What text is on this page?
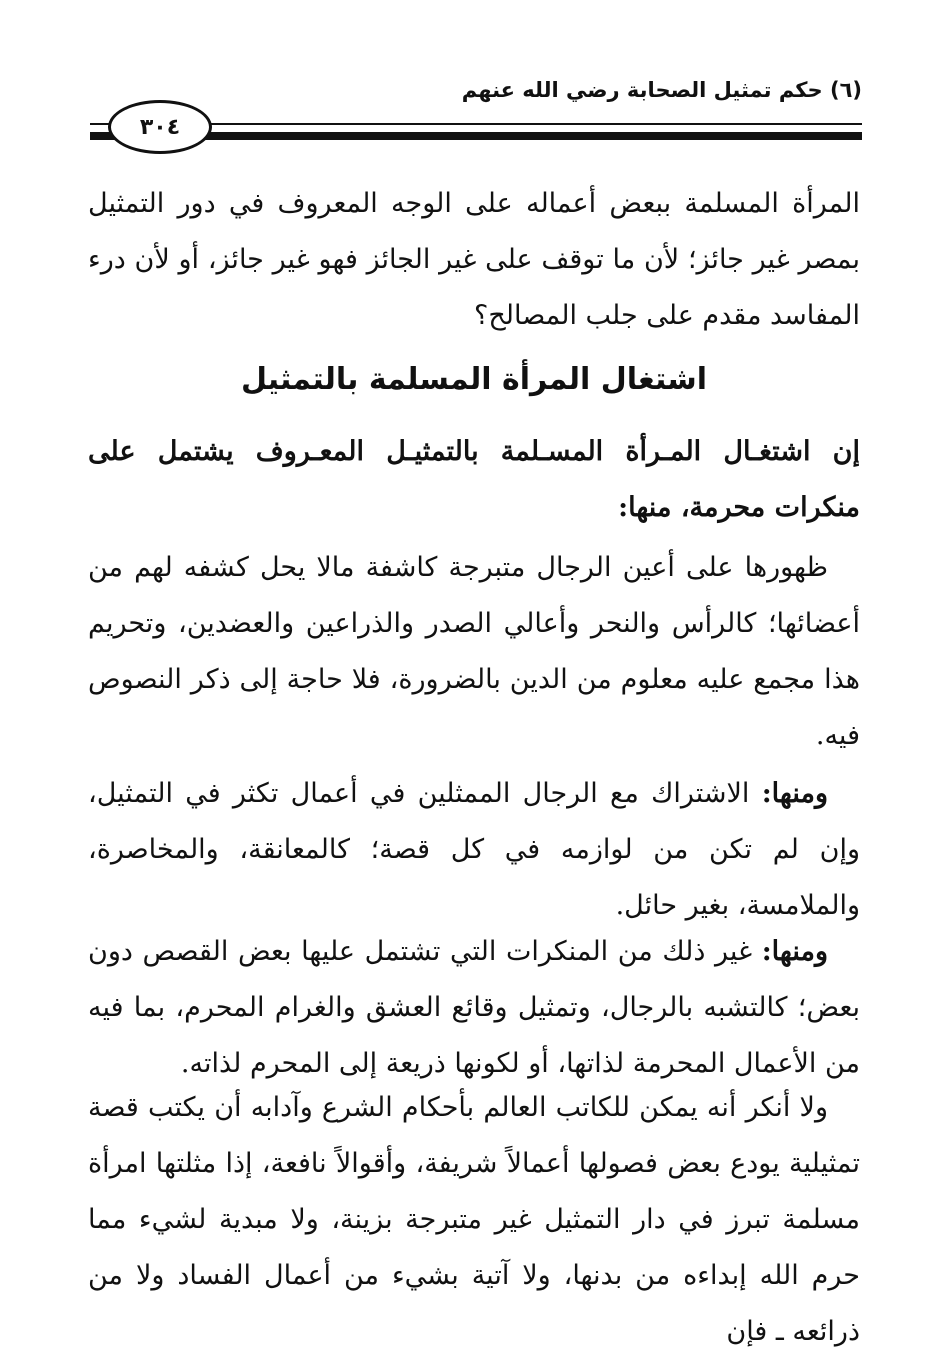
(٦) حكم تمثيل الصحابة رضي الله عنهم
٣٠٤
المرأة المسلمة ببعض أعماله على الوجه المعروف في دور التمثيل بمصر غير جائز؛ لأن ما توقف على غير الجائز فهو غير جائز، أو لأن درء المفاسد مقدم على جلب المصالح؟
اشتغال المرأة المسلمة بالتمثيل
إن اشتغـال المـرأة المسـلمة بالتمثيـل المعـروف يشتمل على منكرات محرمة، منها:
ظهورها على أعين الرجال متبرجة كاشفة مالا يحل كشفه لهم من أعضائها؛ كالرأس والنحر وأعالي الصدر والذراعين والعضدين، وتحريم هذا مجمع عليه معلوم من الدين بالضرورة، فلا حاجة إلى ذكر النصوص فيه.
ومنها: الاشتراك مع الرجال الممثلين في أعمال تكثر في التمثيل، وإن لم تكن من لوازمه في كل قصة؛ كالمعانقة، والمخاصرة، والملامسة، بغير حائل.
ومنها: غير ذلك من المنكرات التي تشتمل عليها بعض القصص دون بعض؛ كالتشبه بالرجال، وتمثيل وقائع العشق والغرام المحرم، بما فيه من الأعمال المحرمة لذاتها، أو لكونها ذريعة إلى المحرم لذاته.
ولا أنكر أنه يمكن للكاتب العالم بأحكام الشرع وآدابه أن يكتب قصة تمثيلية يودع بعض فصولها أعمالاً شريفة، وأقوالاً نافعة، إذا مثلتها امرأة مسلمة تبرز في دار التمثيل غير متبرجة بزينة، ولا مبدية لشيء مما حرم الله إبداءه من بدنها، ولا آتية بشيء من أعمال الفساد ولا من ذرائعه ـ فإن
